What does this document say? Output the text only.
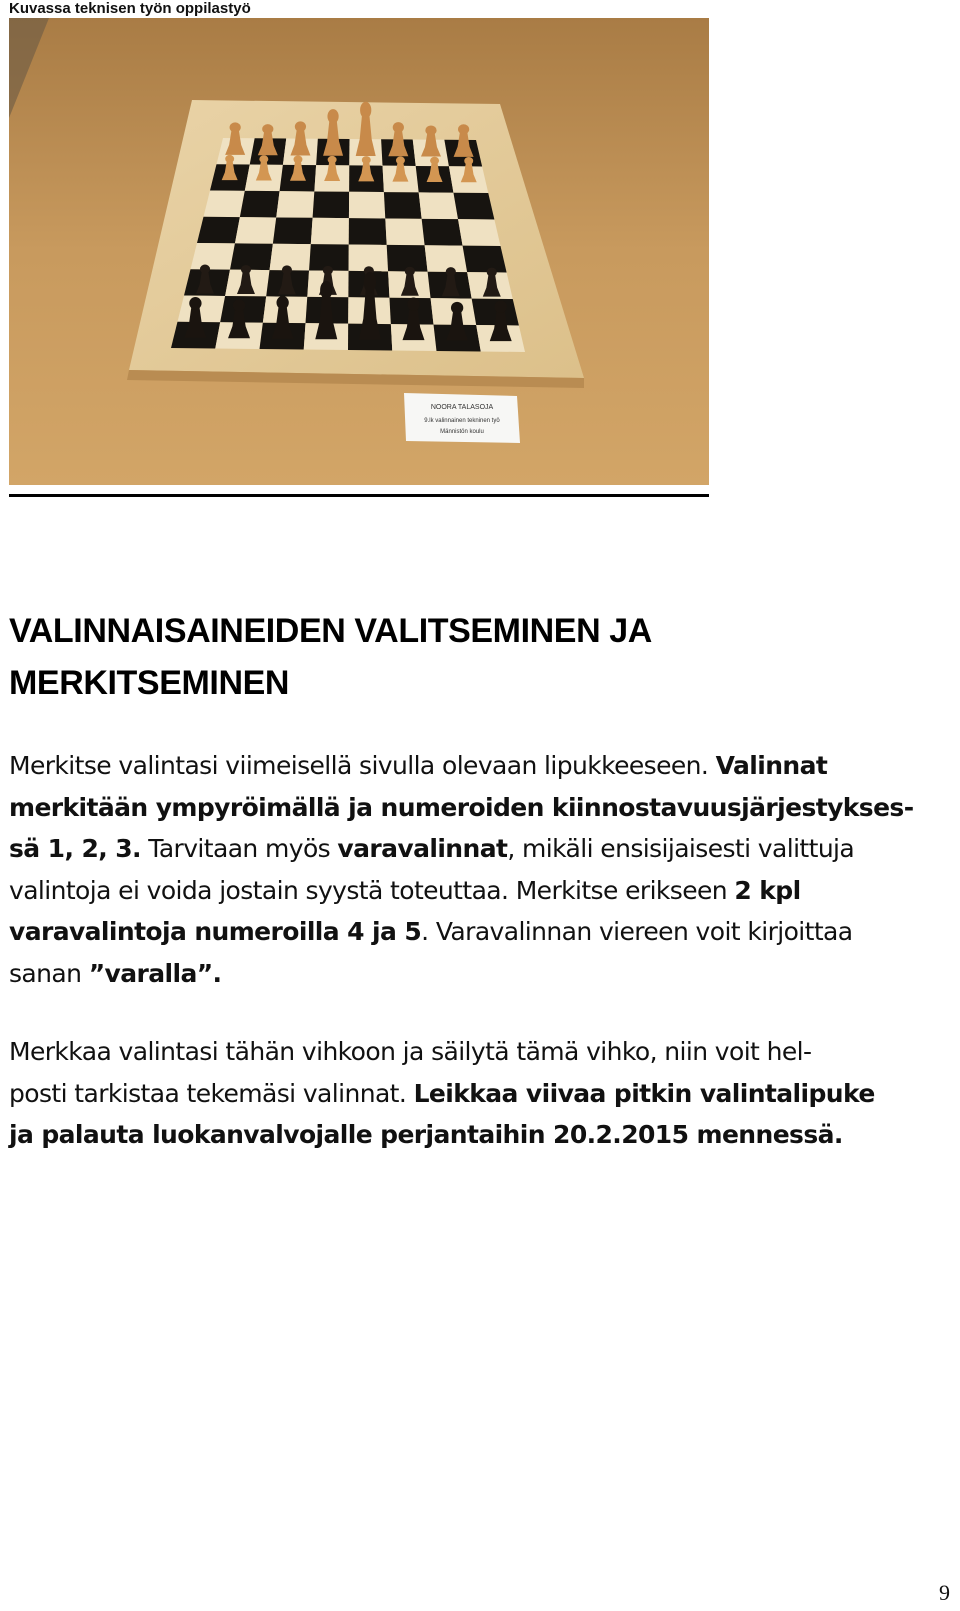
Kuvassa teknisen työn oppilastyö
NOORA TALASOJA
9.lk valinnainen tekninen työ
Männistön koulu
VALINNAISAINEIDEN VALITSEMINEN JA
MERKITSEMINEN
Merkitse valintasi viimeisellä sivulla olevaan lipukkeeseen. Valinnat
merkitään ympyröimällä ja numeroiden kiinnostavuusjärjestykses-
sä 1, 2, 3. Tarvitaan myös varavalinnat, mikäli ensisijaisesti valittuja
valintoja ei voida jostain syystä toteuttaa. Merkitse erikseen 2 kpl
varavalintoja numeroilla 4 ja 5. Varavalinnan viereen voit kirjoittaa
sanan ”varalla”.
Merkkaa valintasi tähän vihkoon ja säilytä tämä vihko, niin voit hel-
posti tarkistaa tekemäsi valinnat. Leikkaa viivaa pitkin valintalipuke
ja palauta luokanvalvojalle perjantaihin 20.2.2015 mennessä.
9
